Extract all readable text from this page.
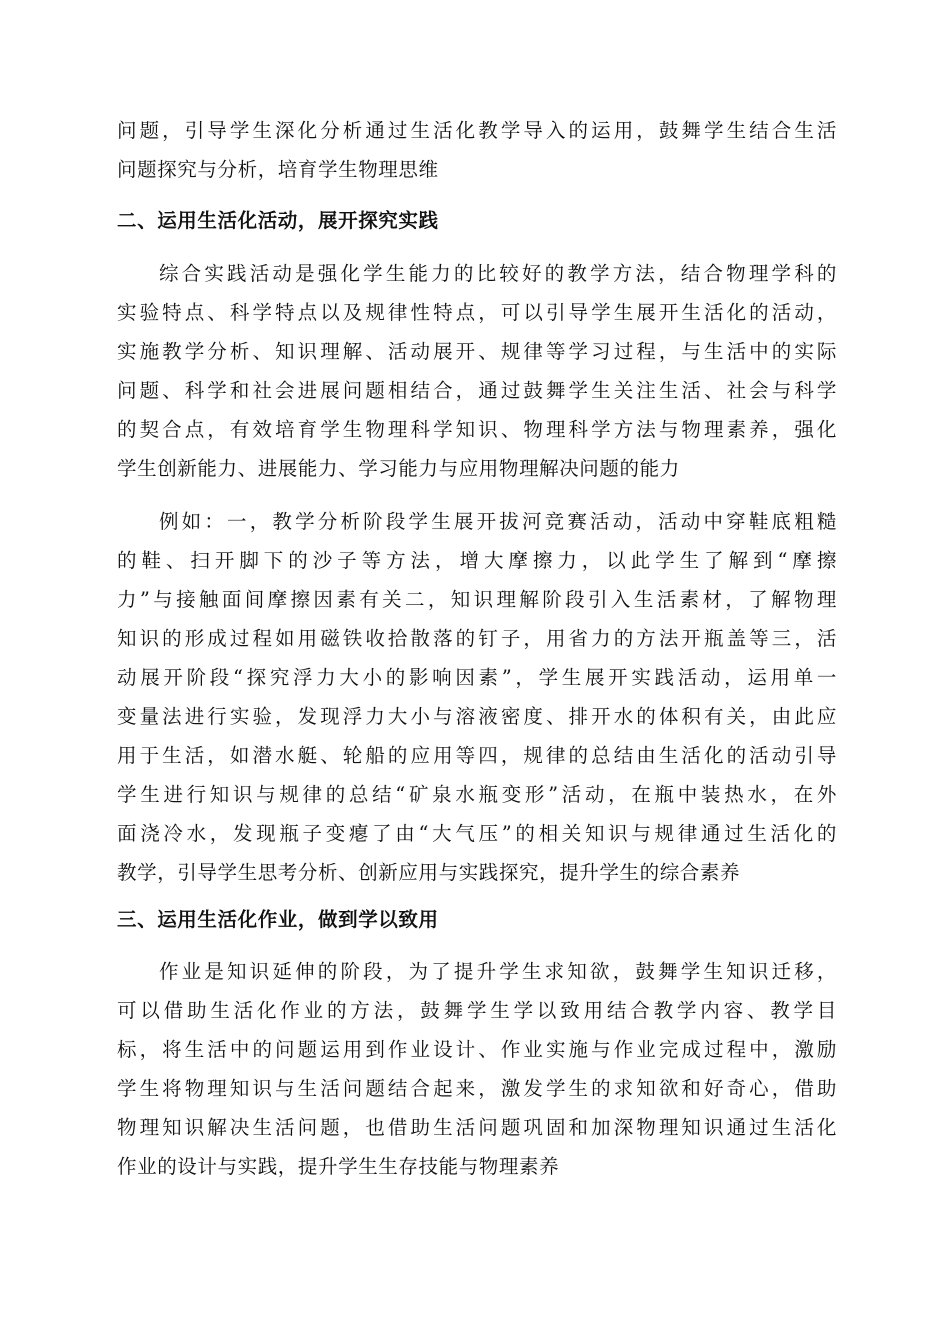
问题，引导学生深化分析通过生活化教学导入的运用，鼓舞学生结合生活
问题探究与分析，培育学生物理思维
二、运用生活化活动，展开探究实践
综合实践活动是强化学生能力的比较好的教学方法，结合物理学科的
实验特点、科学特点以及规律性特点，可以引导学生展开生活化的活动，
实施教学分析、知识理解、活动展开、规律等学习过程，与生活中的实际
问题、科学和社会进展问题相结合，通过鼓舞学生关注生活、社会与科学
的契合点，有效培育学生物理科学知识、物理科学方法与物理素养，强化
学生创新能力、进展能力、学习能力与应用物理解决问题的能力
例如：一，教学分析阶段学生展开拔河竞赛活动，活动中穿鞋底粗糙
的鞋、扫开脚下的沙子等方法，增大摩擦力，以此学生了解到“摩擦
力”与接触面间摩擦因素有关二，知识理解阶段引入生活素材，了解物理
知识的形成过程如用磁铁收拾散落的钉子，用省力的方法开瓶盖等三，活
动展开阶段“探究浮力大小的影响因素”，学生展开实践活动，运用单一
变量法进行实验，发现浮力大小与溶液密度、排开水的体积有关，由此应
用于生活，如潜水艇、轮船的应用等四，规律的总结由生活化的活动引导
学生进行知识与规律的总结“矿泉水瓶变形”活动，在瓶中装热水，在外
面浇冷水，发现瓶子变瘪了由“大气压”的相关知识与规律通过生活化的
教学，引导学生思考分析、创新应用与实践探究，提升学生的综合素养
三、运用生活化作业，做到学以致用
作业是知识延伸的阶段，为了提升学生求知欲，鼓舞学生知识迁移，
可以借助生活化作业的方法，鼓舞学生学以致用结合教学内容、教学目
标，将生活中的问题运用到作业设计、作业实施与作业完成过程中，激励
学生将物理知识与生活问题结合起来，激发学生的求知欲和好奇心，借助
物理知识解决生活问题，也借助生活问题巩固和加深物理知识通过生活化
作业的设计与实践，提升学生生存技能与物理素养
